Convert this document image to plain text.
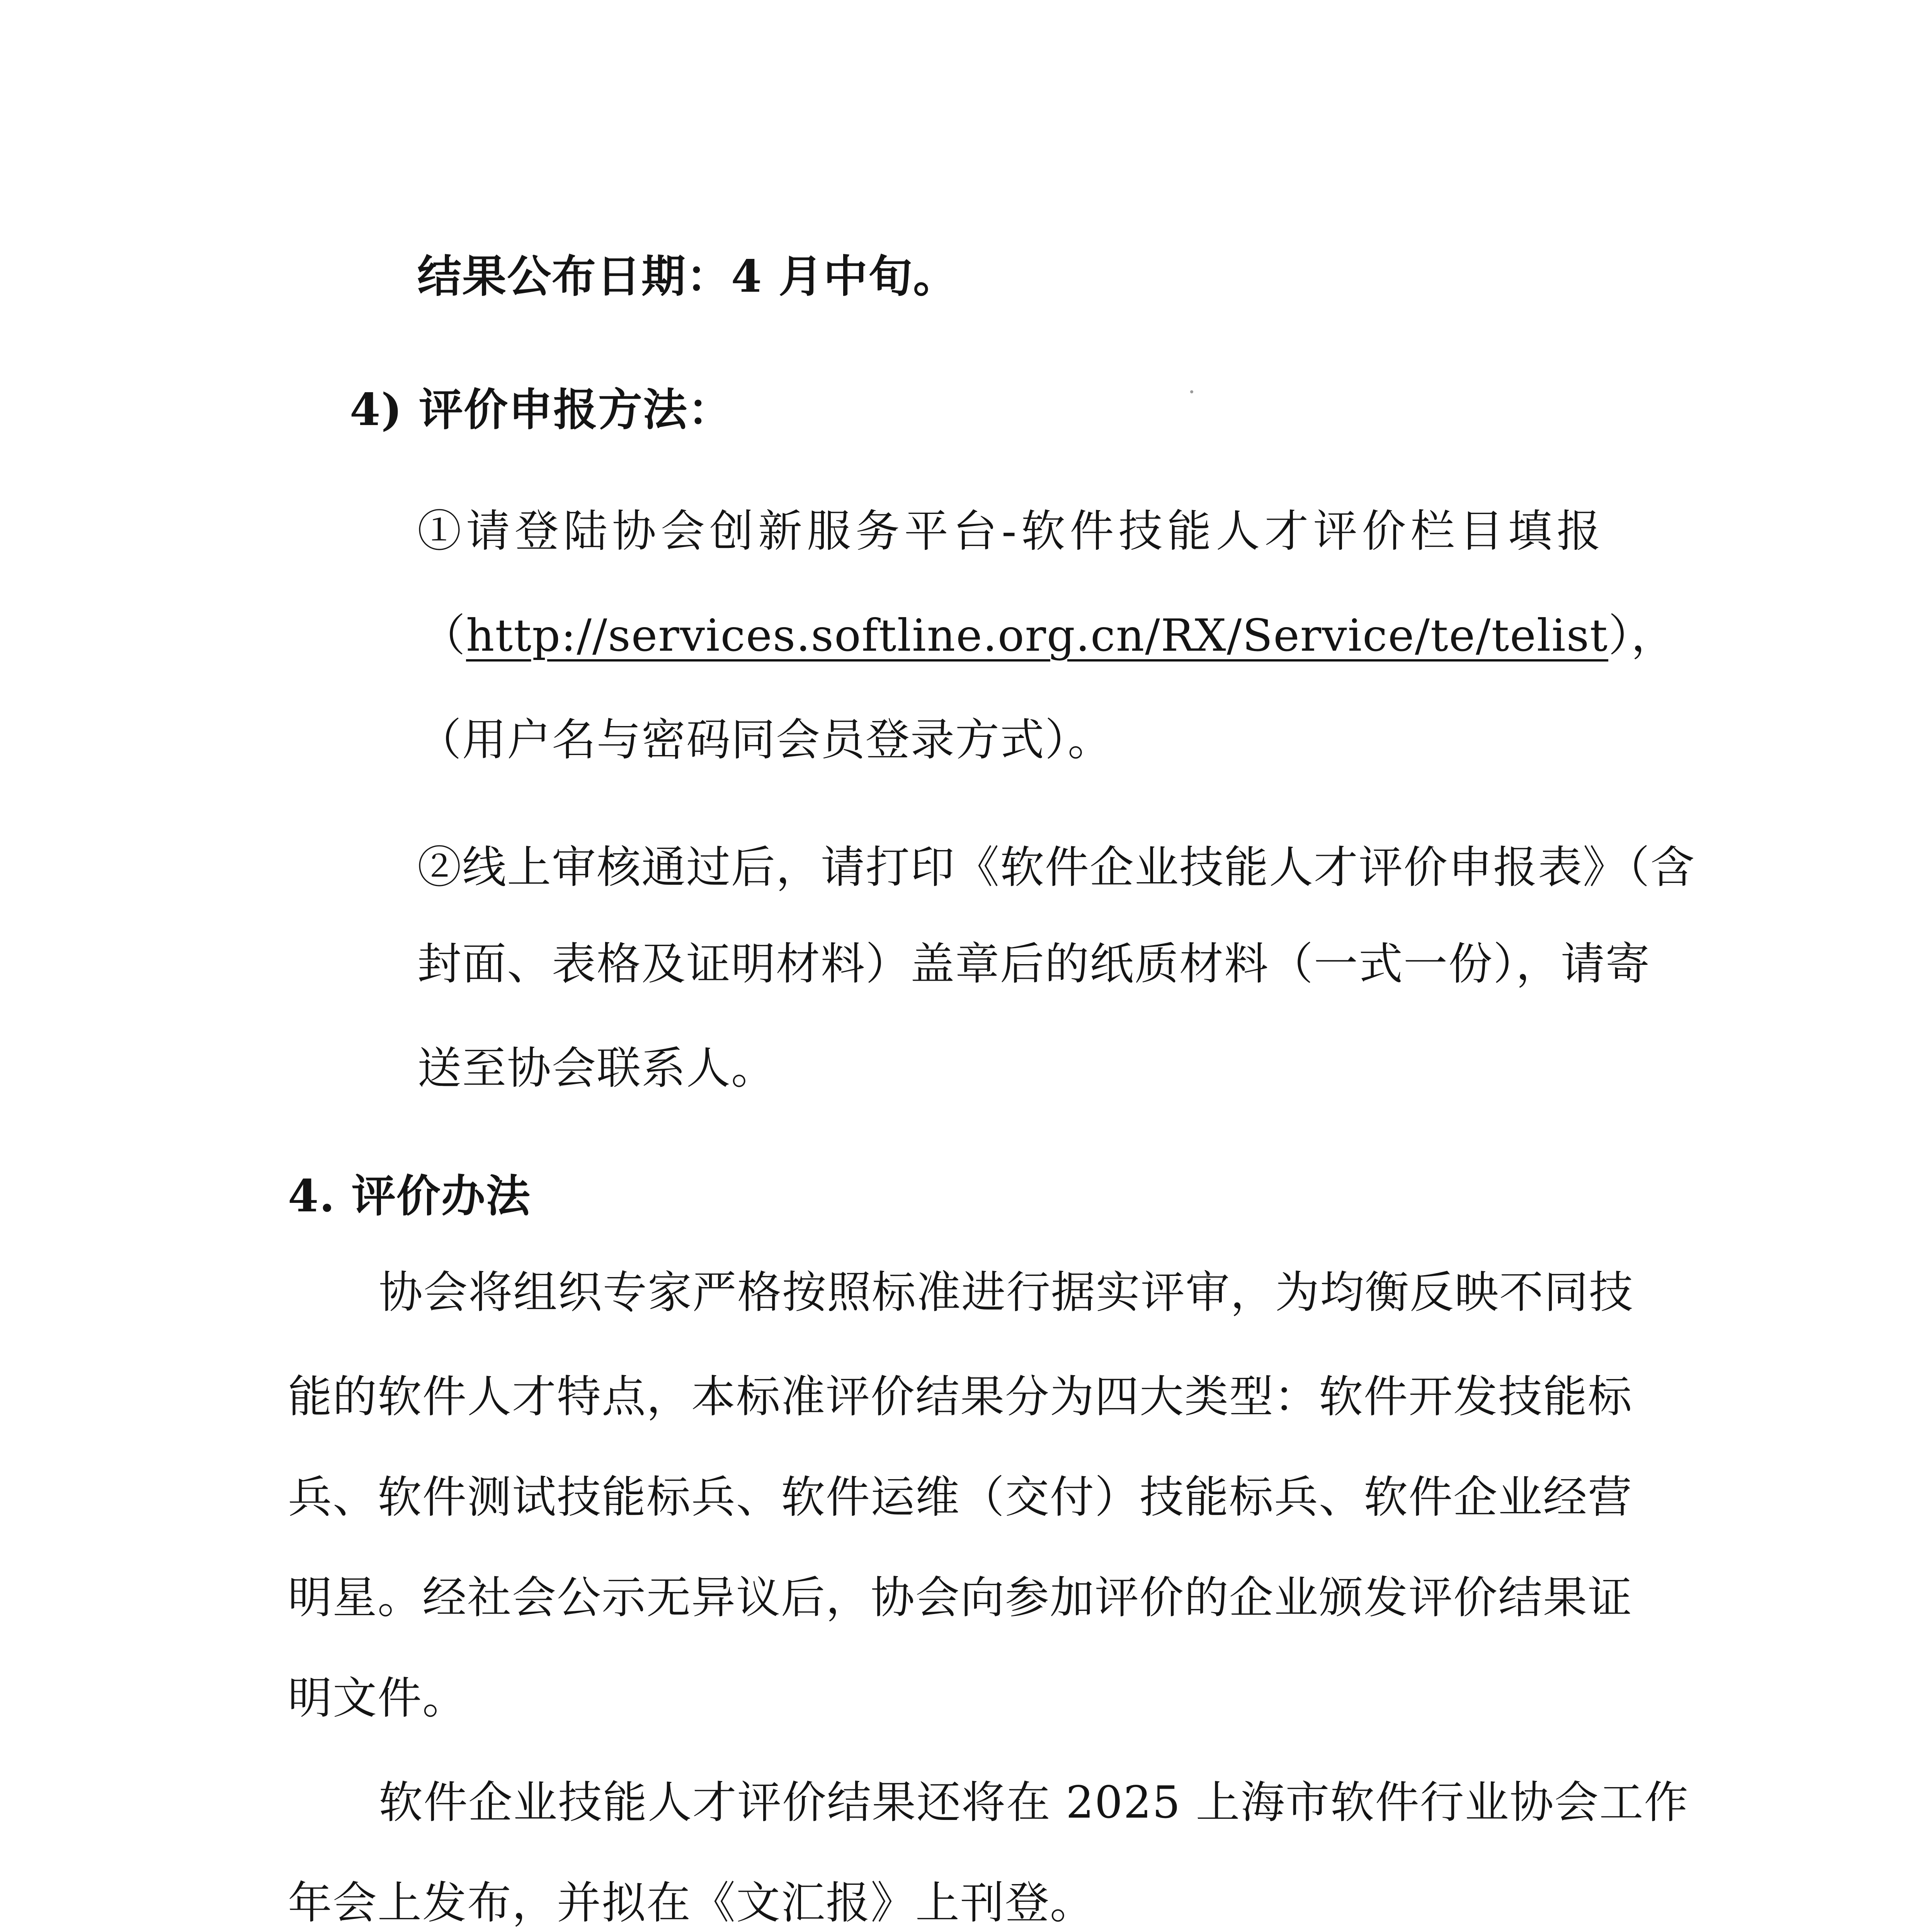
结果公布日期：4 月中旬。
4) 评价申报方法：
①请登陆协会创新服务平台-软件技能人才评价栏目填报
（http://services.softline.org.cn/RX/Service/te/telist），
（用户名与密码同会员登录方式）。
②线上审核通过后，请打印《软件企业技能人才评价申报表》（含
封面、表格及证明材料）盖章后的纸质材料（一式一份），请寄
送至协会联系人。
4. 评价办法
协会将组织专家严格按照标准进行据实评审，为均衡反映不同技
能的软件人才特点，本标准评价结果分为四大类型：软件开发技能标
兵、软件测试技能标兵、软件运维（交付）技能标兵、软件企业经营
明星。经社会公示无异议后，协会向参加评价的企业颁发评价结果证
明文件。
软件企业技能人才评价结果还将在 2025 上海市软件行业协会工作
年会上发布，并拟在《文汇报》上刊登。
